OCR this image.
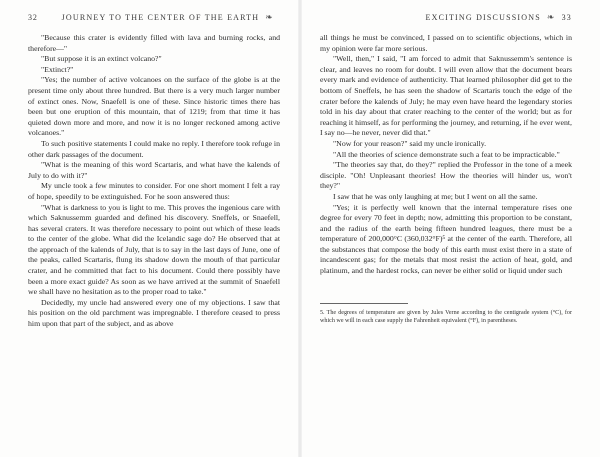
32	JOURNEY TO THE CENTER OF THE EARTH ❧

"Because this crater is evidently filled with lava and burning rocks, and therefore—"

"But suppose it is an extinct volcano?"

"Extinct?"

"Yes; the number of active volcanoes on the surface of the globe is at the present time only about three hundred. But there is a very much larger number of extinct ones. Now, Snaefell is one of these. Since historic times there has been but one eruption of this mountain, that of 1219; from that time it has quieted down more and more, and now it is no longer reckoned among active volcanoes."

To such positive statements I could make no reply. I therefore took refuge in other dark passages of the document.

"What is the meaning of this word Scartaris, and what have the kalends of July to do with it?"

My uncle took a few minutes to consider. For one short moment I felt a ray of hope, speedily to be extinguished. For he soon answered thus:

"What is darkness to you is light to me. This proves the ingenious care with which Saknussemm guarded and defined his discovery. Sneffels, or Snaefell, has several craters. It was therefore necessary to point out which of these leads to the center of the globe. What did the Icelandic sage do? He observed that at the approach of the kalends of July, that is to say in the last days of June, one of the peaks, called Scartaris, flung its shadow down the mouth of that particular crater, and he committed that fact to his document. Could there possibly have been a more exact guide? As soon as we have arrived at the summit of Snaefell we shall have no hesitation as to the proper road to take."

Decidedly, my uncle had answered every one of my objections. I saw that his position on the old parchment was impregnable. I therefore ceased to press him upon that part of the subject, and as above

EXCITING DISCUSSIONS ❧ 33

all things he must be convinced, I passed on to scientific objections, which in my opinion were far more serious.

"Well, then," I said, "I am forced to admit that Saknussemm's sentence is clear, and leaves no room for doubt. I will even allow that the document bears every mark and evidence of authenticity. That learned philosopher did get to the bottom of Sneffels, he has seen the shadow of Scartaris touch the edge of the crater before the kalends of July; he may even have heard the legendary stories told in his day about that crater reaching to the center of the world; but as for reaching it himself, as for performing the journey, and returning, if he ever went, I say no—he never, never did that."

"Now for your reason?" said my uncle ironically.

"All the theories of science demonstrate such a feat to be impracticable."

"The theories say that, do they?" replied the Professor in the tone of a meek disciple. "Oh! Unpleasant theories! How the theories will hinder us, won't they?"

I saw that he was only laughing at me; but I went on all the same.

"Yes; it is perfectly well known that the internal temperature rises one degree for every 70 feet in depth; now, admitting this proportion to be constant, and the radius of the earth being fifteen hundred leagues, there must be a temperature of 200,000°C (360,032°F)⁵ at the center of the earth. Therefore, all the substances that compose the body of this earth must exist there in a state of incandescent gas; for the metals that most resist the action of heat, gold, and platinum, and the hardest rocks, can never be either solid or liquid under such

5. The degrees of temperature are given by Jules Verne according to the centigrade system (°C), for which we will in each case supply the Fahrenheit equivalent (°F), in parentheses.
